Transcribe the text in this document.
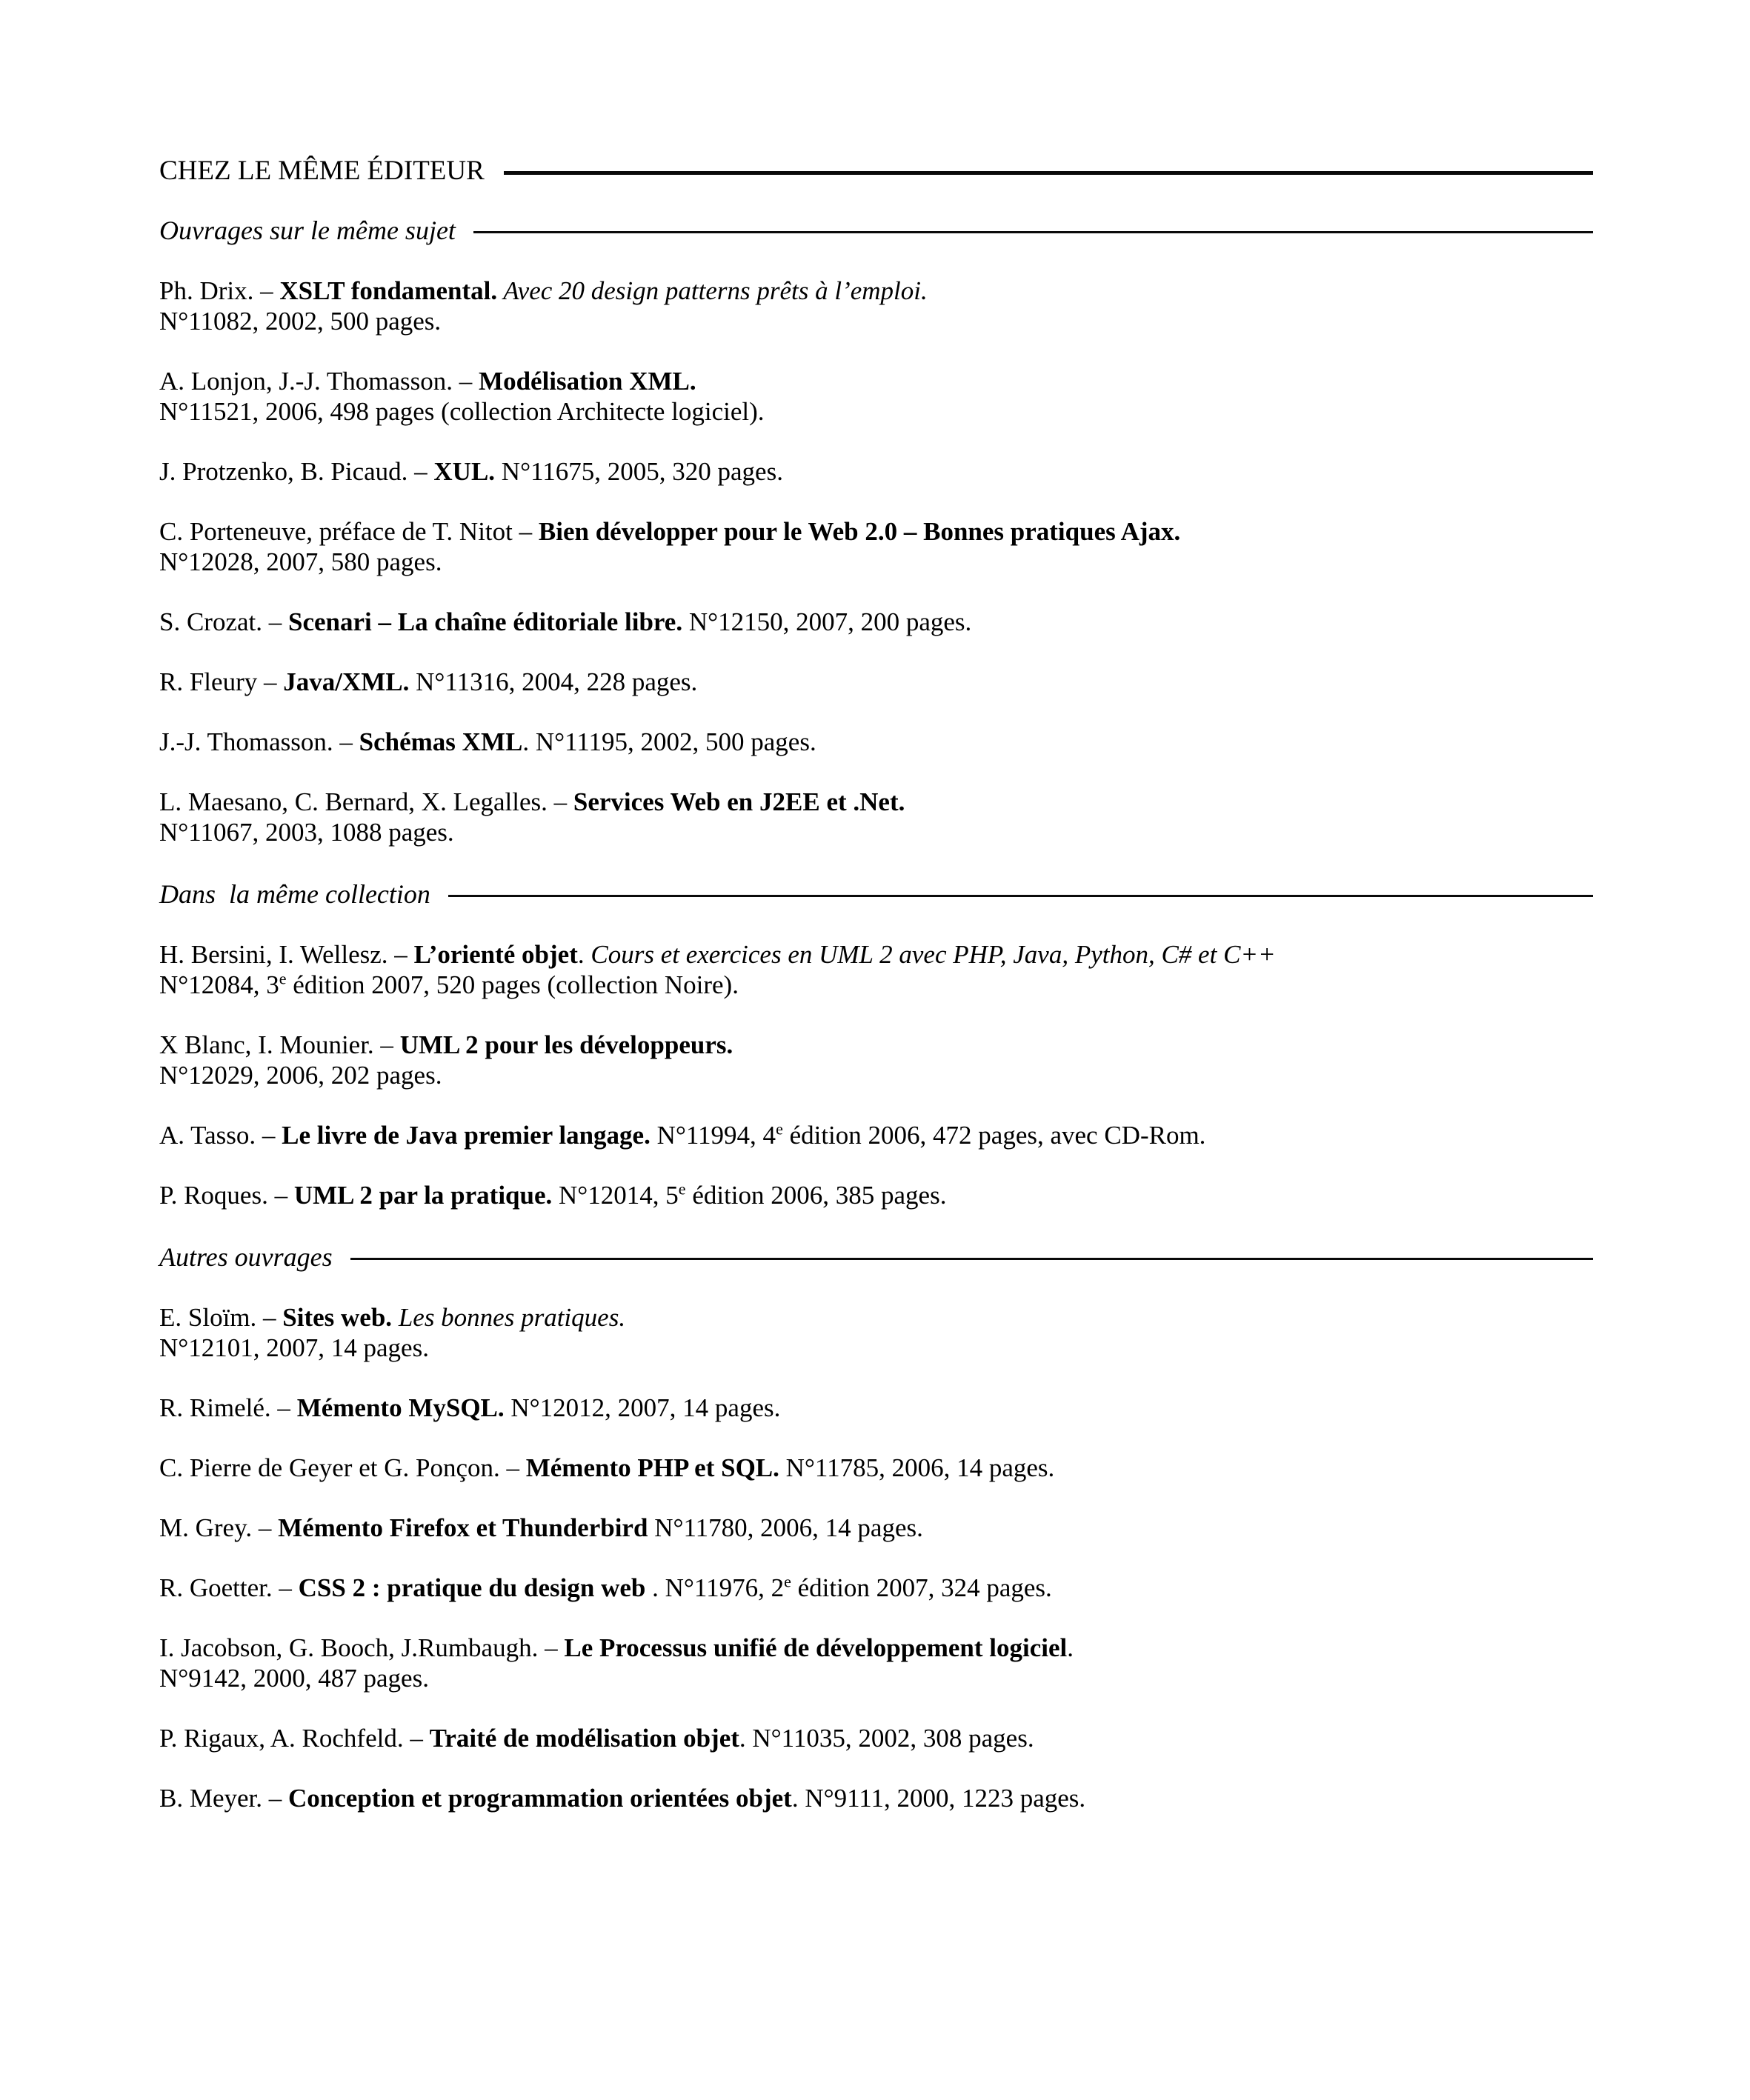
CHEZ LE MÊME ÉDITEUR
Ouvrages sur le même sujet
Ph. Drix. – XSLT fondamental. Avec 20 design patterns prêts à l’emploi.
N°11082, 2002, 500 pages.
A. Lonjon, J.-J. Thomasson. – Modélisation XML.
N°11521, 2006, 498 pages (collection Architecte logiciel).
J. Protzenko, B. Picaud. – XUL. N°11675, 2005, 320 pages.
C. Porteneuve, préface de T. Nitot – Bien développer pour le Web 2.0 – Bonnes pratiques Ajax.
N°12028, 2007, 580 pages.
S. Crozat. – Scenari – La chaîne éditoriale libre. N°12150, 2007, 200 pages.
R. Fleury – Java/XML. N°11316, 2004, 228 pages.
J.-J. Thomasson. – Schémas XML. N°11195, 2002, 500 pages.
L. Maesano, C. Bernard, X. Legalles. – Services Web en J2EE et .Net.
N°11067, 2003, 1088 pages.
Dans  la même collection
H. Bersini, I. Wellesz. – L’orienté objet. Cours et exercices en UML 2 avec PHP, Java, Python, C# et C++
N°12084, 3e édition 2007, 520 pages (collection Noire).
X Blanc, I. Mounier. – UML 2 pour les développeurs.
N°12029, 2006, 202 pages.
A. Tasso. – Le livre de Java premier langage. N°11994, 4e édition 2006, 472 pages, avec CD-Rom.
P. Roques. – UML 2 par la pratique. N°12014, 5e édition 2006, 385 pages.
Autres ouvrages
E. Sloïm. – Sites web. Les bonnes pratiques.
N°12101, 2007, 14 pages.
R. Rimelé. – Mémento MySQL. N°12012, 2007, 14 pages.
C. Pierre de Geyer et G. Ponçon. – Mémento PHP et SQL. N°11785, 2006, 14 pages.
M. Grey. – Mémento Firefox et Thunderbird N°11780, 2006, 14 pages.
R. Goetter. – CSS 2 : pratique du design web . N°11976, 2e édition 2007, 324 pages.
I. Jacobson, G. Booch, J.Rumbaugh. – Le Processus unifié de développement logiciel.
N°9142, 2000, 487 pages.
P. Rigaux, A. Rochfeld. – Traité de modélisation objet. N°11035, 2002, 308 pages.
B. Meyer. – Conception et programmation orientées objet. N°9111, 2000, 1223 pages.
